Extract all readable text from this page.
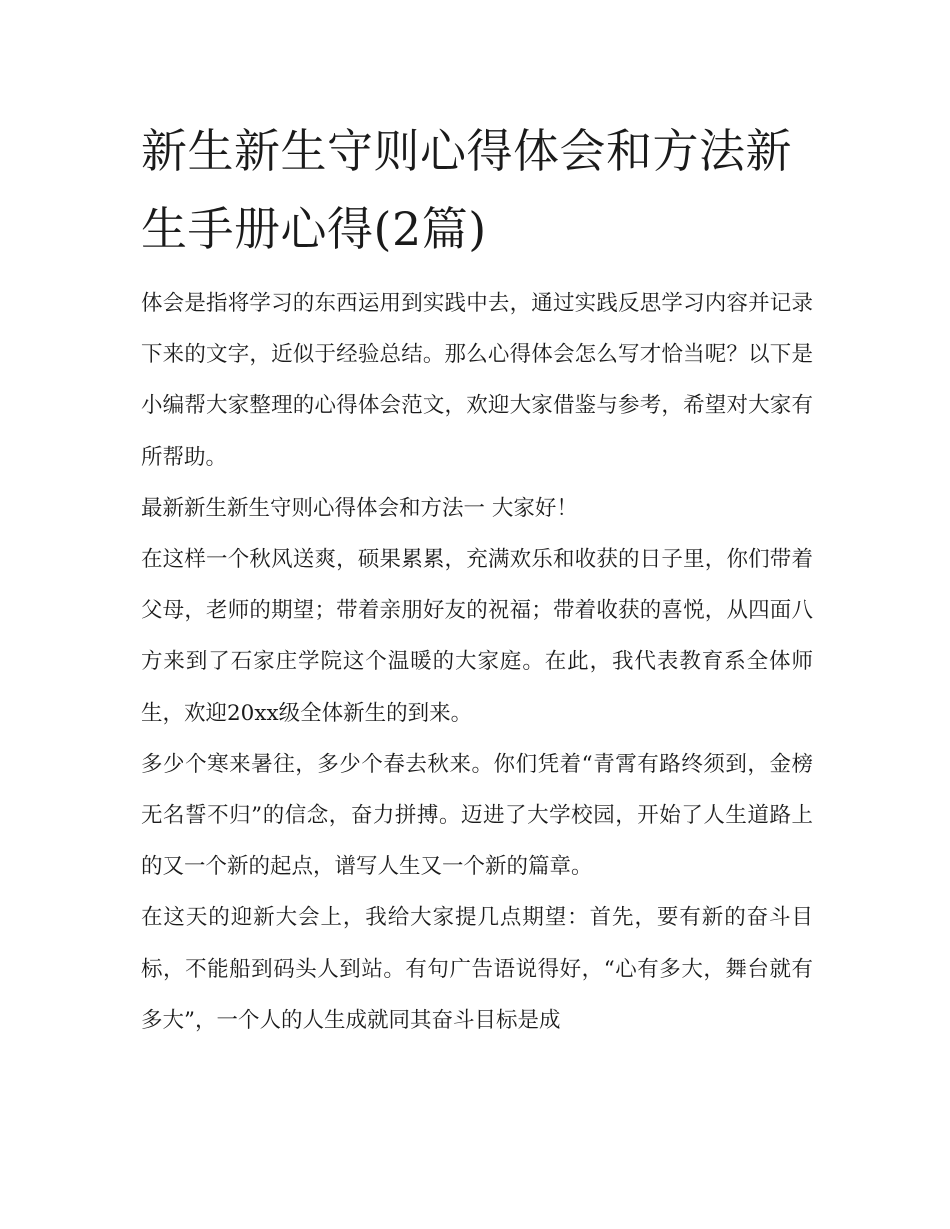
新生新生守则心得体会和方法新生手册心得(2篇)

体会是指将学习的东西运用到实践中去，通过实践反思学习内容并记录下来的文字，近似于经验总结。那么心得体会怎么写才恰当呢？以下是小编帮大家整理的心得体会范文，欢迎大家借鉴与参考，希望对大家有所帮助。

最新新生新生守则心得体会和方法一 大家好！

在这样一个秋风送爽，硕果累累，充满欢乐和收获的日子里，你们带着父母，老师的期望；带着亲朋好友的祝福；带着收获的喜悦，从四面八方来到了石家庄学院这个温暖的大家庭。在此，我代表教育系全体师生，欢迎20xx级全体新生的到来。

多少个寒来暑往，多少个春去秋来。你们凭着“青霄有路终须到，金榜无名誓不归”的信念，奋力拼搏。迈进了大学校园，开始了人生道路上的又一个新的起点，谱写人生又一个新的篇章。

在这天的迎新大会上，我给大家提几点期望：首先，要有新的奋斗目标，不能船到码头人到站。有句广告语说得好，“心有多大，舞台就有多大”，一个人的人生成就同其奋斗目标是成
